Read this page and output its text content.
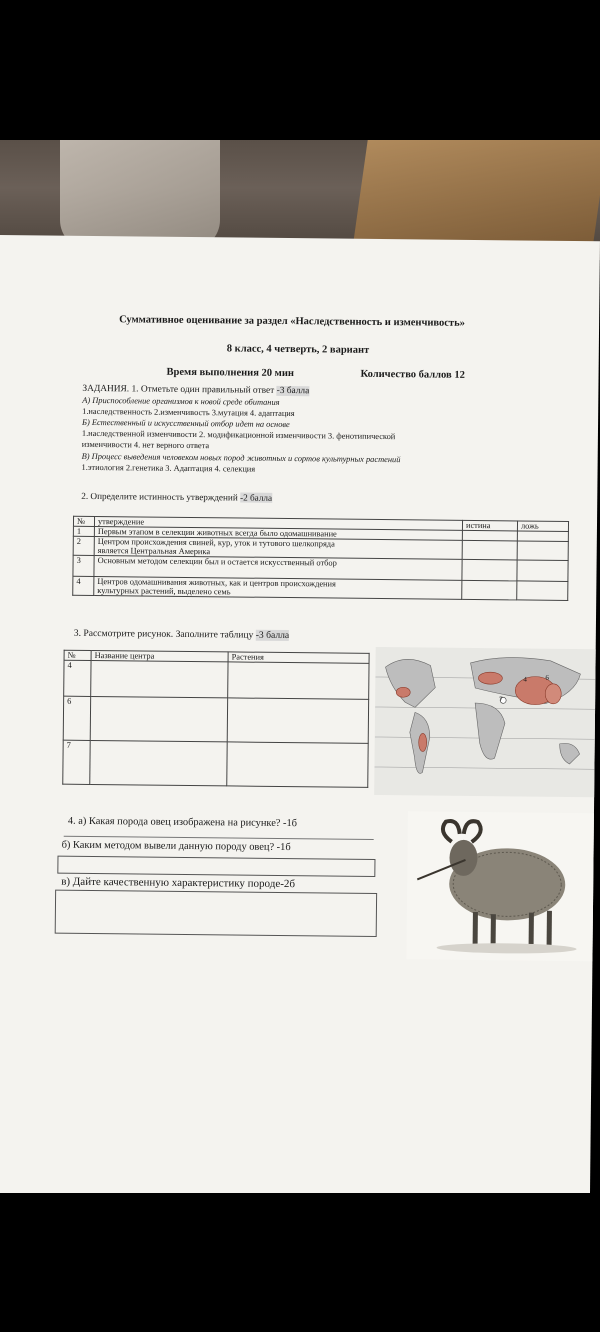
Суммативное оценивание за раздел «Наследственность и изменчивость»
8 класс, 4 четверть, 2 вариант
Время выполнения 20 мин	Количество баллов 12
ЗАДАНИЯ. 1. Отметьте один правильный ответ -3 балла
А) Приспособление организмов к новой среде обитания
1.наследственность 2.изменчивость 3.мутация 4. адаптация
Б) Естественный и искусственный отбор идет на основе
1.наследственной изменчивости 2. модификационной изменчивости 3. фенотипической
изменчивости 4. нет верного ответа
В) Процесс выведения человеком новых пород животных и сортов культурных растений
1.этиология 2.генетика 3. Адаптация 4. селекция
2. Определите истинность утверждений -2 балла
№	утверждение	истина	ложь
1	Первым этапом в селекции животных всегда было одомашнивание		
2	Центром происхождения свиней, кур, уток и тутового шелкопряда
является Центральная Америка		
3	Основным методом селекции был и остается искусственный отбор		
4	Центров одомашнивания животных, как и центров происхождения
культурных растений, выделено семь		
3. Рассмотрите рисунок. Заполните таблицу -3 балла
№	Название центра	Растения
4		
6		
7		
4	6
7
4. а) Какая порода овец изображена на рисунке? -1б
б) Каким методом вывели данную породу овец? -1б
в) Дайте качественную характеристику породе-2б
